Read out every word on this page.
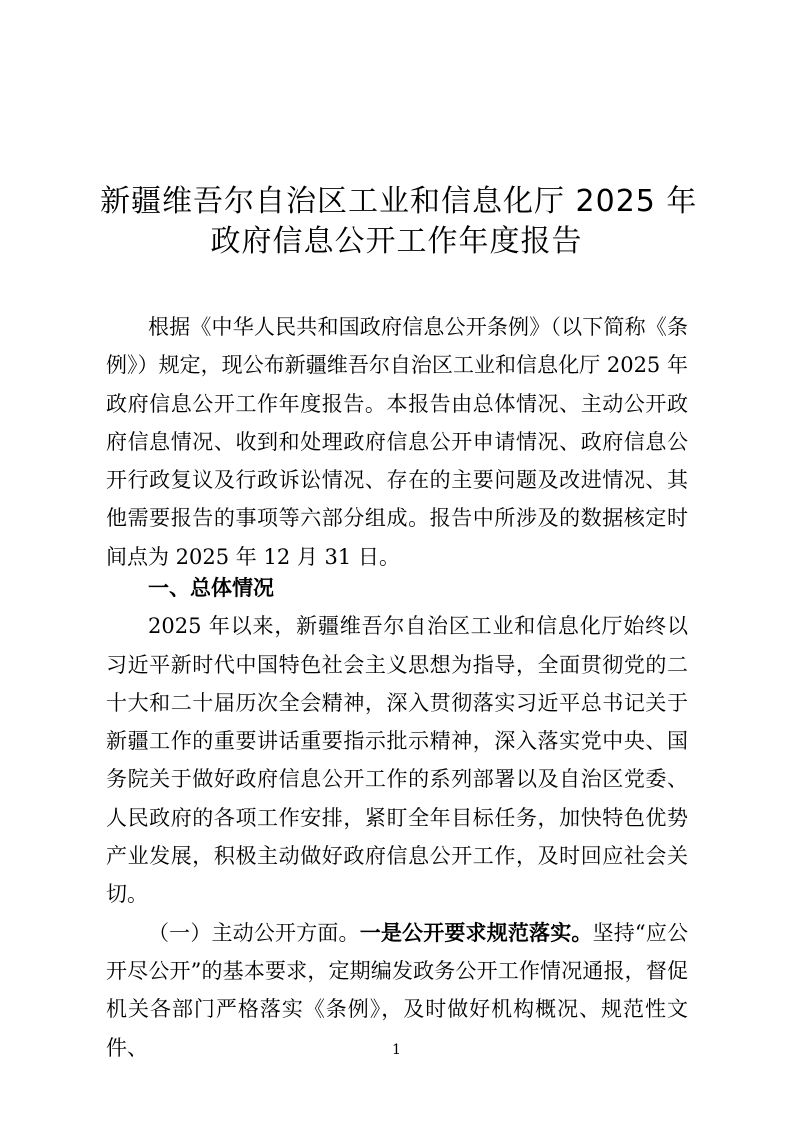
新疆维吾尔自治区工业和信息化厅 2025 年
政府信息公开工作年度报告

根据《中华人民共和国政府信息公开条例》（以下简称《条例》）规定，现公布新疆维吾尔自治区工业和信息化厅 2025 年政府信息公开工作年度报告。本报告由总体情况、主动公开政府信息情况、收到和处理政府信息公开申请情况、政府信息公开行政复议及行政诉讼情况、存在的主要问题及改进情况、其他需要报告的事项等六部分组成。报告中所涉及的数据核定时间点为 2025 年 12 月 31 日。

一、总体情况

2025 年以来，新疆维吾尔自治区工业和信息化厅始终以习近平新时代中国特色社会主义思想为指导，全面贯彻党的二十大和二十届历次全会精神，深入贯彻落实习近平总书记关于新疆工作的重要讲话重要指示批示精神，深入落实党中央、国务院关于做好政府信息公开工作的系列部署以及自治区党委、人民政府的各项工作安排，紧盯全年目标任务，加快特色优势产业发展，积极主动做好政府信息公开工作，及时回应社会关切。

（一）主动公开方面。一是公开要求规范落实。坚持“应公开尽公开”的基本要求，定期编发政务公开工作情况通报，督促机关各部门严格落实《条例》，及时做好机构概况、规范性文件、	1
